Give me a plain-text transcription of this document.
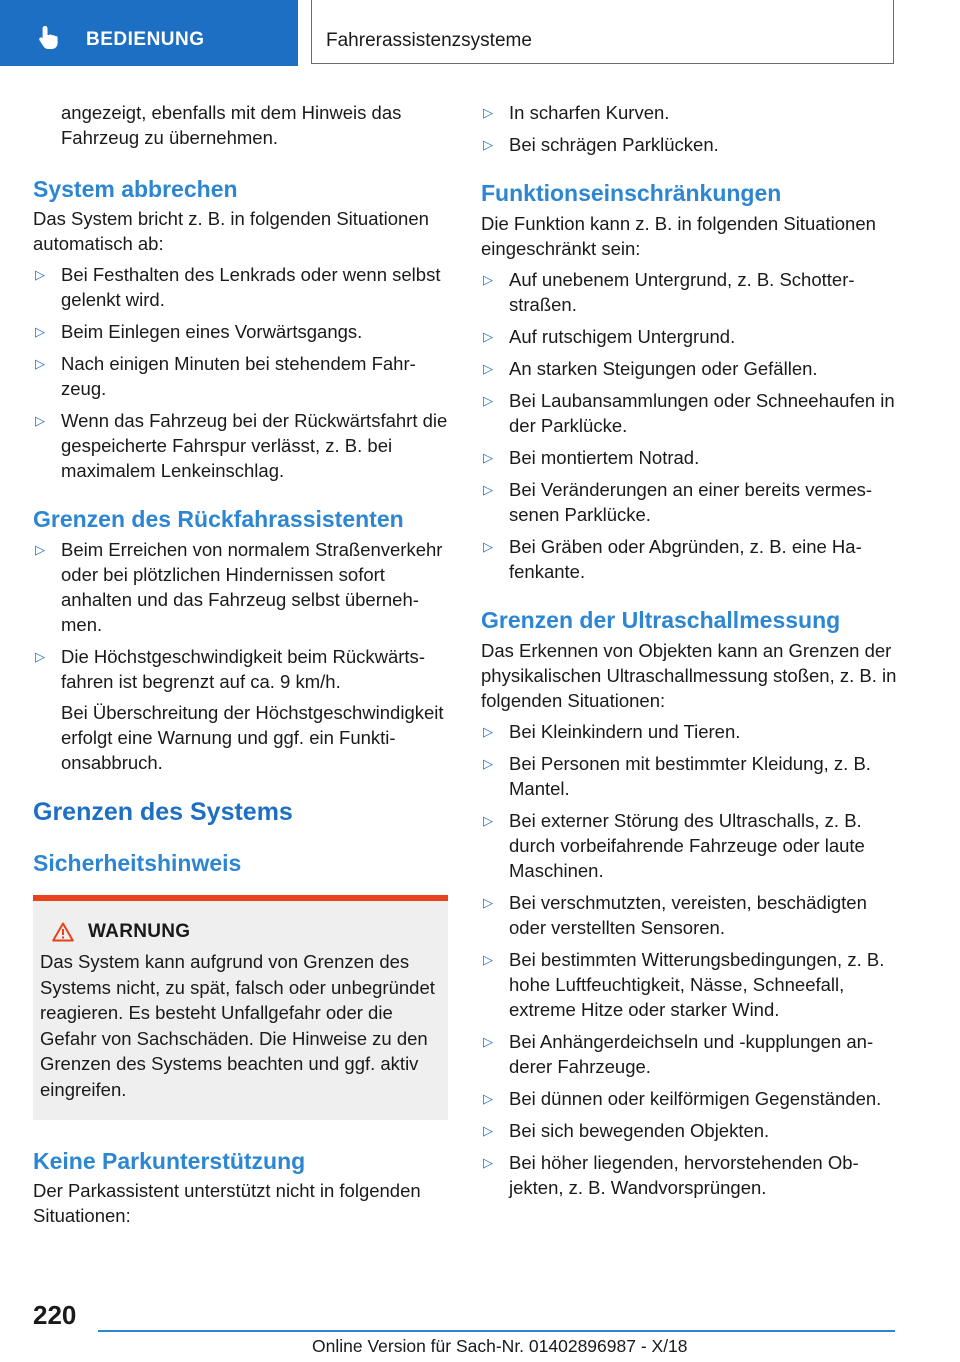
BEDIENUNG	Fahrerassistenzsysteme

angezeigt, ebenfalls mit dem Hinweis das Fahrzeug zu übernehmen.

System abbrechen

Das System bricht z. B. in folgenden Situationen automatisch ab:

▷ Bei Festhalten des Lenkrads oder wenn selbst gelenkt wird.
▷ Beim Einlegen eines Vorwärtsgangs.
▷ Nach einigen Minuten bei stehendem Fahrzeug.
▷ Wenn das Fahrzeug bei der Rückwärtsfahrt die gespeicherte Fahrspur verlässt, z. B. bei maximalem Lenkeinschlag.
Grenzen des Rückfahrassistenten
▷ Beim Erreichen von normalem Straßenverkehr oder bei plötzlichen Hindernissen sofort anhalten und das Fahrzeug selbst übernehmen.
▷ Die Höchstgeschwindigkeit beim Rückwärtsfahren ist begrenzt auf ca. 9 km/h.
Bei Überschreitung der Höchstgeschwindigkeit erfolgt eine Warnung und ggf. ein Funktionsabbruch.
Grenzen des Systems
Sicherheitshinweis
WARNUNG

Das System kann aufgrund von Grenzen des Systems nicht, zu spät, falsch oder unbegründet reagieren. Es besteht Unfallgefahr oder die Gefahr von Sachschäden. Die Hinweise zu den Grenzen des Systems beachten und ggf. aktiv eingreifen.

Keine Parkunterstützung

Der Parkassistent unterstützt nicht in folgenden Situationen:

▷ In scharfen Kurven.
▷ Bei schrägen Parklücken.
Funktionseinschränkungen

Die Funktion kann z. B. in folgenden Situationen eingeschränkt sein:

▷ Auf unebenem Untergrund, z. B. Schotterstraßen.
▷ Auf rutschigem Untergrund.
▷ An starken Steigungen oder Gefällen.
▷ Bei Laubansammlungen oder Schneehaufen in der Parklücke.
▷ Bei montiertem Notrad.
▷ Bei Veränderungen an einer bereits vermessenen Parklücke.
▷ Bei Gräben oder Abgründen, z. B. eine Hafenkante.
Grenzen der Ultraschallmessung

Das Erkennen von Objekten kann an Grenzen der physikalischen Ultraschallmessung stoßen, z. B. in folgenden Situationen:

▷ Bei Kleinkindern und Tieren.
▷ Bei Personen mit bestimmter Kleidung, z. B. Mantel.
▷ Bei externer Störung des Ultraschalls, z. B. durch vorbeifahrende Fahrzeuge oder laute Maschinen.
▷ Bei verschmutzten, vereisten, beschädigten oder verstellten Sensoren.
▷ Bei bestimmten Witterungsbedingungen, z. B. hohe Luftfeuchtigkeit, Nässe, Schneefall, extreme Hitze oder starker Wind.
▷ Bei Anhängerdeichseln und -kupplungen anderer Fahrzeuge.
▷ Bei dünnen oder keilförmigen Gegenständen.
▷ Bei sich bewegenden Objekten.
▷ Bei höher liegenden, hervorstehenden Objekten, z. B. Wandvorsprüngen.
220
Online Version für Sach-Nr. 01402896987 - X/18
